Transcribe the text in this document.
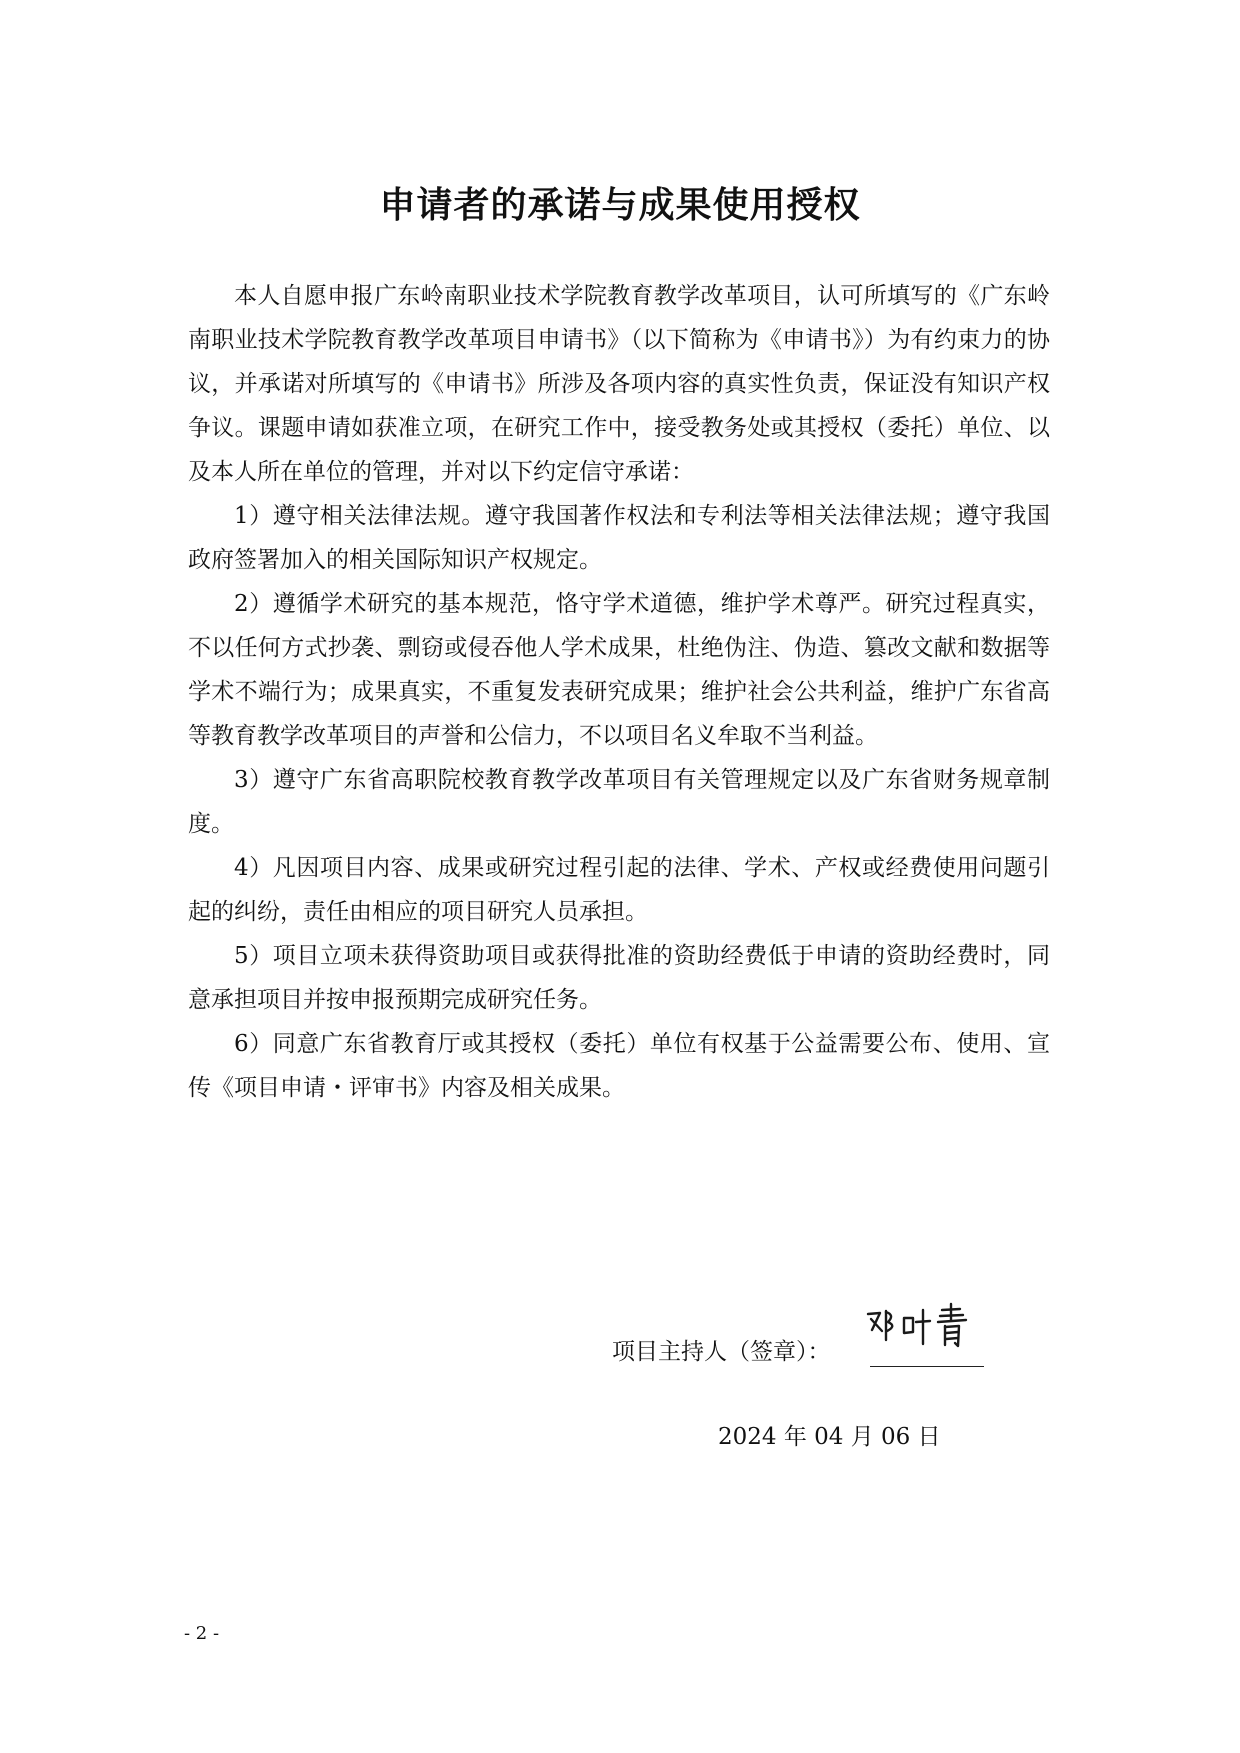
申请者的承诺与成果使用授权

本人自愿申报广东岭南职业技术学院教育教学改革项目，认可所填写的《广东岭南职业技术学院教育教学改革项目申请书》（以下简称为《申请书》）为有约束力的协议，并承诺对所填写的《申请书》所涉及各项内容的真实性负责，保证没有知识产权争议。课题申请如获准立项，在研究工作中，接受教务处或其授权（委托）单位、以及本人所在单位的管理，并对以下约定信守承诺：

1）遵守相关法律法规。遵守我国著作权法和专利法等相关法律法规；遵守我国政府签署加入的相关国际知识产权规定。

2）遵循学术研究的基本规范，恪守学术道德，维护学术尊严。研究过程真实，不以任何方式抄袭、剽窃或侵吞他人学术成果，杜绝伪注、伪造、篡改文献和数据等学术不端行为；成果真实，不重复发表研究成果；维护社会公共利益，维护广东省高等教育教学改革项目的声誉和公信力，不以项目名义牟取不当利益。

3）遵守广东省高职院校教育教学改革项目有关管理规定以及广东省财务规章制度。

4）凡因项目内容、成果或研究过程引起的法律、学术、产权或经费使用问题引起的纠纷，责任由相应的项目研究人员承担。

5）项目立项未获得资助项目或获得批准的资助经费低于申请的资助经费时，同意承担项目并按申报预期完成研究任务。

6）同意广东省教育厅或其授权（委托）单位有权基于公益需要公布、使用、宣传《项目申请・评审书》内容及相关成果。

项目主持人（签章）：
2024 年 04 月 06 日
- 2 -
